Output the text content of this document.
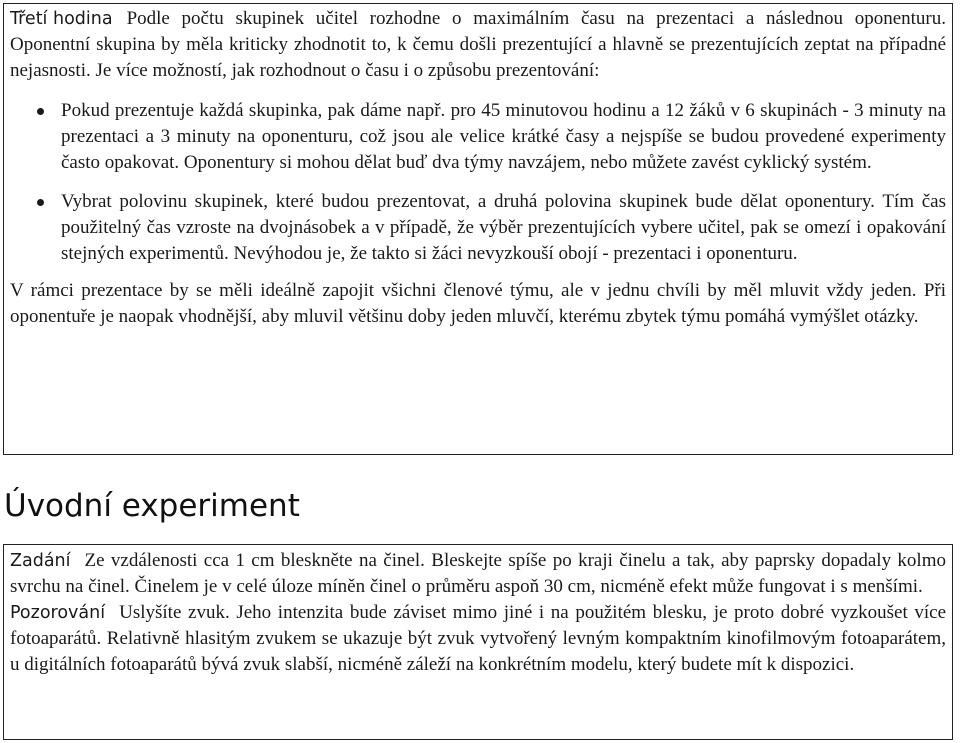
Třetí hodina Podle počtu skupinek učitel rozhodne o maximálním času na prezentaci a následnou oponenturu. Oponentní skupina by měla kriticky zhodnotit to, k čemu došli prezentující a hlavně se prezentujících zeptat na případné nejasnosti. Je více možností, jak rozhodnout o času i o způsobu prezentování:

Pokud prezentuje každá skupinka, pak dáme např. pro 45 minutovou hodinu a 12 žáků v 6 skupinách - 3 minuty na prezentaci a 3 minuty na oponenturu, což jsou ale velice krátké časy a nejspíše se budou provedené experimenty často opakovat. Oponentury si mohou dělat buď dva týmy navzájem, nebo můžete zavést cyklický systém.
Vybrat polovinu skupinek, které budou prezentovat, a druhá polovina skupinek bude dělat oponentury. Tím čas použitelný čas vzroste na dvojnásobek a v případě, že výběr prezentujících vybere učitel, pak se omezí i opakování stejných experimentů. Nevýhodou je, že takto si žáci nevyzkouší obojí - prezentaci i oponenturu.

V rámci prezentace by se měli ideálně zapojit všichni členové týmu, ale v jednu chvíli by měl mluvit vždy jeden. Při oponentuře je naopak vhodnější, aby mluvil většinu doby jeden mluvčí, kterému zbytek týmu pomáhá vymýšlet otázky.

Úvodní experiment

Zadání Ze vzdálenosti cca 1 cm bleskněte na činel. Bleskejte spíše po kraji činelu a tak, aby paprsky dopadaly kolmo svrchu na činel. Činelem je v celé úloze míněn činel o průměru aspoň 30 cm, nicméně efekt může fungovat i s menšími.

Pozorování Uslyšíte zvuk. Jeho intenzita bude záviset mimo jiné i na použitém blesku, je proto dobré vyzkoušet více fotoaparátů. Relativně hlasitým zvukem se ukazuje být zvuk vytvořený levným kompaktním kinofilmovým fotoaparátem, u digitálních fotoaparátů bývá zvuk slabší, nicméně záleží na konkrétním modelu, který budete mít k dispozici.
